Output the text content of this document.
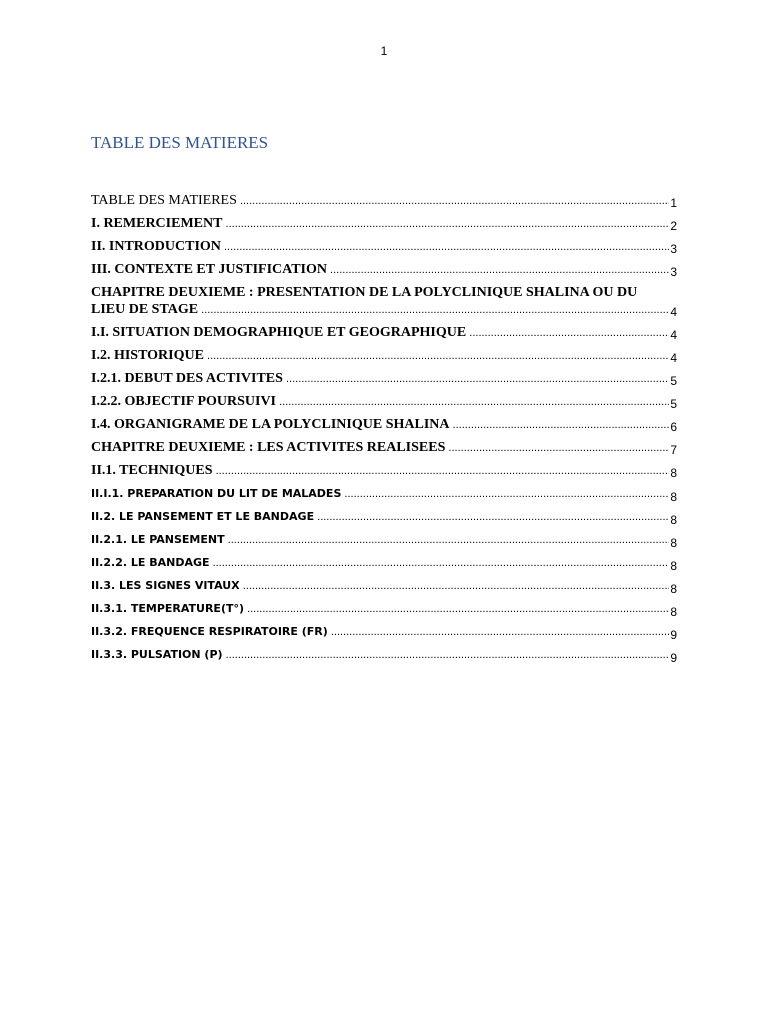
1
TABLE DES MATIERES
TABLE DES MATIERES .....	1
I. REMERCIEMENT .....	2
II. INTRODUCTION .....	3
III. CONTEXTE ET JUSTIFICATION .....	3
CHAPITRE DEUXIEME : PRESENTATION DE LA POLYCLINIQUE SHALINA OU DU
LIEU DE STAGE .....	4
I.I. SITUATION DEMOGRAPHIQUE ET GEOGRAPHIQUE .....	4
I.2. HISTORIQUE .....	4
I.2.1. DEBUT DES ACTIVITES .....	5
I.2.2. OBJECTIF POURSUIVI .....	5
I.4. ORGANIGRAME DE LA POLYCLINIQUE SHALINA .....	6
CHAPITRE DEUXIEME : LES ACTIVITES REALISEES .....	7
II.1. TECHNIQUES .....	8
II.I.1. PREPARATION DU LIT DE MALADES .....	8
II.2. LE PANSEMENT ET LE BANDAGE .....	8
II.2.1. LE PANSEMENT .....	8
II.2.2. LE BANDAGE .....	8
II.3. LES SIGNES VITAUX .....	8
II.3.1. TEMPERATURE(T°) .....	8
II.3.2. FREQUENCE RESPIRATOIRE (FR) .....	9
II.3.3. PULSATION (P) .....	9
